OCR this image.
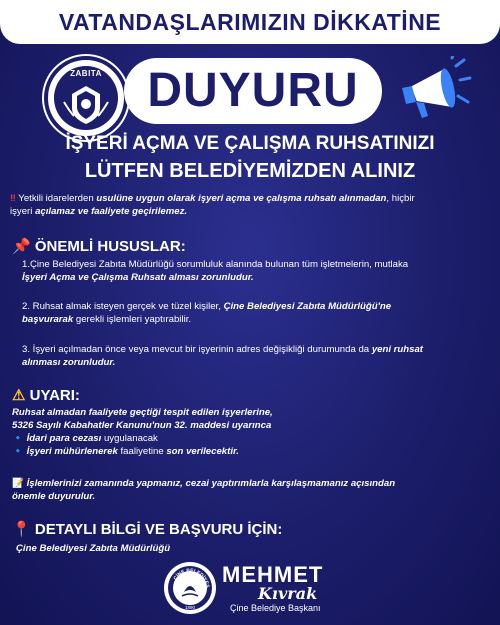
VATANDAŞLARIMIZIN DİKKATİNE
ZABITA DUYURU
İŞYERİ AÇMA VE ÇALIŞMA RUHSATINIZI
LÜTFEN BELEDİYEMİZDEN ALINIZ
‼ Yetkili idarelerden usulüne uygun olarak işyeri açma ve çalışma ruhsatı alınmadan, hiçbir
işyeri açılamaz ve faaliyete geçirilemez.
📌 ÖNEMLİ HUSUSLAR:
1.Çine Belediyesi Zabıta Müdürlüğü sorumluluk alanında bulunan tüm işletmelerin, mutlaka
İşyeri Açma ve Çalışma Ruhsatı alması zorunludur.
2. Ruhsat almak isteyen gerçek ve tüzel kişiler, Çine Belediyesi Zabıta Müdürlüğü'ne
başvurarak gerekli işlemleri yaptırabilir.
3. İşyeri açılmadan önce veya mevcut bir işyerinin adres değişikliği durumunda da yeni ruhsat
alınması zorunludur.
⚠ UYARI:
Ruhsat almadan faaliyete geçtiği tespit edilen işyerlerine,
5326 Sayılı Kabahatler Kanunu'nun 32. maddesi uyarınca
🔹 İdari para cezası uygulanacak
🔹 İşyeri mühürlenerek faaliyetine son verilecektir.
📝 İşlemlerinizi zamanında yapmanız, cezai yaptırımlarla karşılaşmamanız açısından
önemle duyurulur.
📍 DETAYLI BİLGİ VE BAŞVURU İÇİN:
Çine Belediyesi Zabıta Müdürlüğü
ÇİNE BELEDİYES
1890
MEHMET
Kıvrak
Çine Belediye Başkanı
